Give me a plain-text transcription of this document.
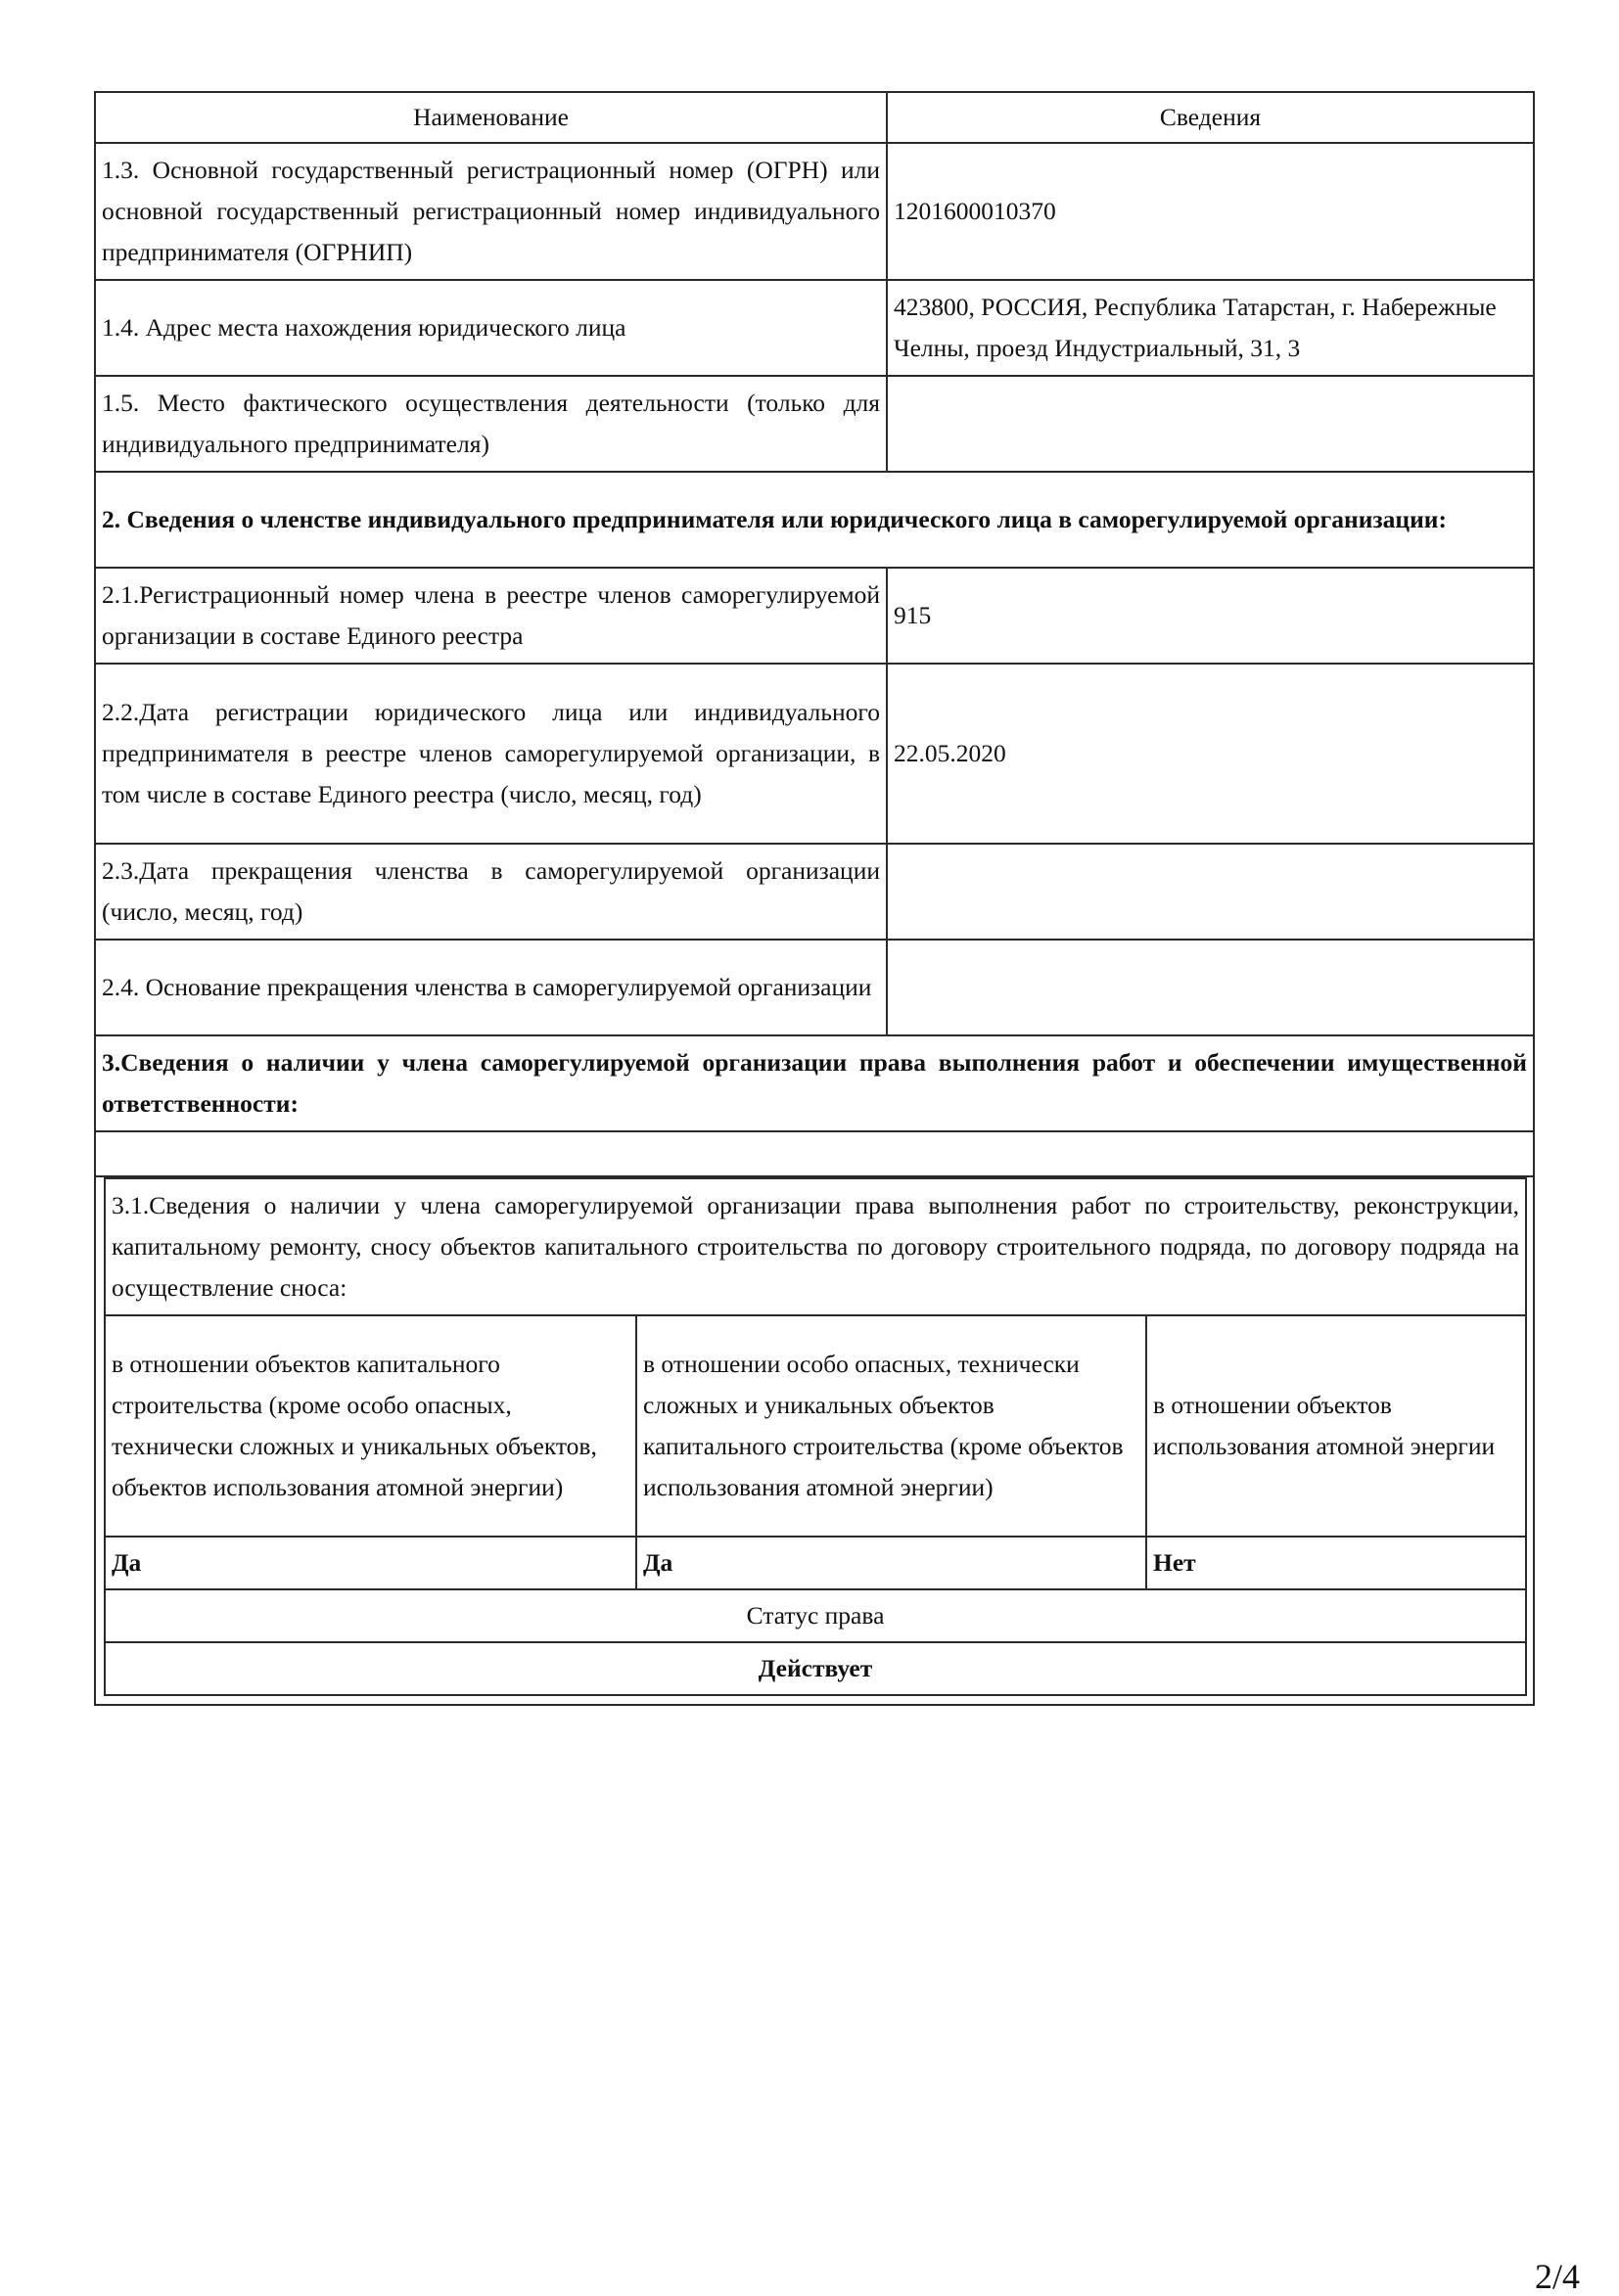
Наименование	Сведения
1.3. Основной государственный регистрационный номер (ОГРН) или основной государственный регистрационный номер индивидуального предпринимателя (ОГРНИП)	1201600010370
1.4. Адрес места нахождения юридического лица	423800, РОССИЯ, Республика Татарстан, г. Набережные Челны, проезд Индустриальный, 31, 3
1.5. Место фактического осуществления деятельности (только для индивидуального предпринимателя)	
2. Сведения о членстве индивидуального предпринимателя или юридического лица в саморегулируемой организации:
2.1.Регистрационный номер члена в реестре членов саморегулируемой организации в составе Единого реестра	915
2.2.Дата регистрации юридического лица или индивидуального предпринимателя в реестре членов саморегулируемой организации, в том числе в составе Единого реестра (число, месяц, год)	22.05.2020
2.3.Дата прекращения членства в саморегулируемой организации (число, месяц, год)	
2.4. Основание прекращения членства в саморегулируемой организации	
3.Сведения о наличии у члена саморегулируемой организации права выполнения работ и обеспечении имущественной ответственности:

3.1.Сведения о наличии у члена саморегулируемой организации права выполнения работ по строительству, реконструкции, капитальному ремонту, сносу объектов капитального строительства по договору строительного подряда, по договору подряда на осуществление сноса:
в отношении объектов капитального строительства (кроме особо опасных, технически сложных и уникальных объектов, объектов использования атомной энергии)	в отношении особо опасных, технически сложных и уникальных объектов капитального строительства (кроме объектов использования атомной энергии)	в отношении объектов использования атомной энергии
Да	Да	Нет
Статус права
Действует
2/4
